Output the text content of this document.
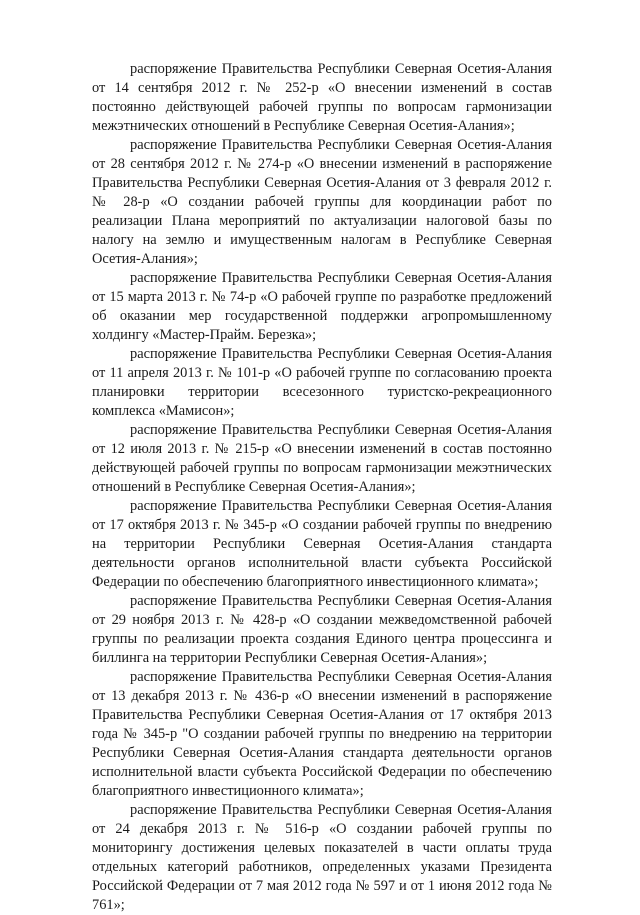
распоряжение Правительства Республики Северная Осетия-Алания от 14 сентября 2012 г. № 252-р «О внесении изменений в состав постоянно действующей рабочей группы по вопросам гармонизации межэтнических отношений в Республике Северная Осетия-Алания»;

распоряжение Правительства Республики Северная Осетия-Алания от 28 сентября 2012 г. № 274-р «О внесении изменений в распоряжение Правительства Республики Северная Осетия-Алания от 3 февраля 2012 г. № 28-р «О создании рабочей группы для координации работ по реализации Плана мероприятий по актуализации налоговой базы по налогу на землю и имущественным налогам в Республике Северная Осетия-Алания»;

распоряжение Правительства Республики Северная Осетия-Алания от 15 марта 2013 г. № 74-р «О рабочей группе по разработке предложений об оказании мер государственной поддержки агропромышленному холдингу «Мастер-Прайм. Березка»;

распоряжение Правительства Республики Северная Осетия-Алания от 11 апреля 2013 г. № 101-р «О рабочей группе по согласованию проекта планировки территории всесезонного туристско-рекреационного комплекса «Мамисон»;

распоряжение Правительства Республики Северная Осетия-Алания от 12 июля 2013 г. № 215-р «О внесении изменений в состав постоянно действующей рабочей группы по вопросам гармонизации межэтнических отношений в Республике Северная Осетия-Алания»;

распоряжение Правительства Республики Северная Осетия-Алания от 17 октября 2013 г. № 345-р «О создании рабочей группы по внедрению на территории Республики Северная Осетия-Алания стандарта деятельности органов исполнительной власти субъекта Российской Федерации по обеспечению благоприятного инвестиционного климата»;

распоряжение Правительства Республики Северная Осетия-Алания от 29 ноября 2013 г. № 428-р «О создании межведомственной рабочей группы по реализации проекта создания Единого центра процессинга и биллинга на территории Республики Северная Осетия-Алания»;

распоряжение Правительства Республики Северная Осетия-Алания от 13 декабря 2013 г. № 436-р «О внесении изменений в распоряжение Правительства Республики Северная Осетия-Алания от 17 октября 2013 года № 345-р "О создании рабочей группы по внедрению на территории Республики Северная Осетия-Алания стандарта деятельности органов исполнительной власти субъекта Российской Федерации по обеспечению благоприятного инвестиционного климата»;

распоряжение Правительства Республики Северная Осетия-Алания от 24 декабря 2013 г. № 516-р «О создании рабочей группы по мониторингу достижения целевых показателей в части оплаты труда отдельных категорий работников, определенных указами Президента Российской Федерации от 7 мая 2012 года № 597 и от 1 июня 2012 года № 761»;
